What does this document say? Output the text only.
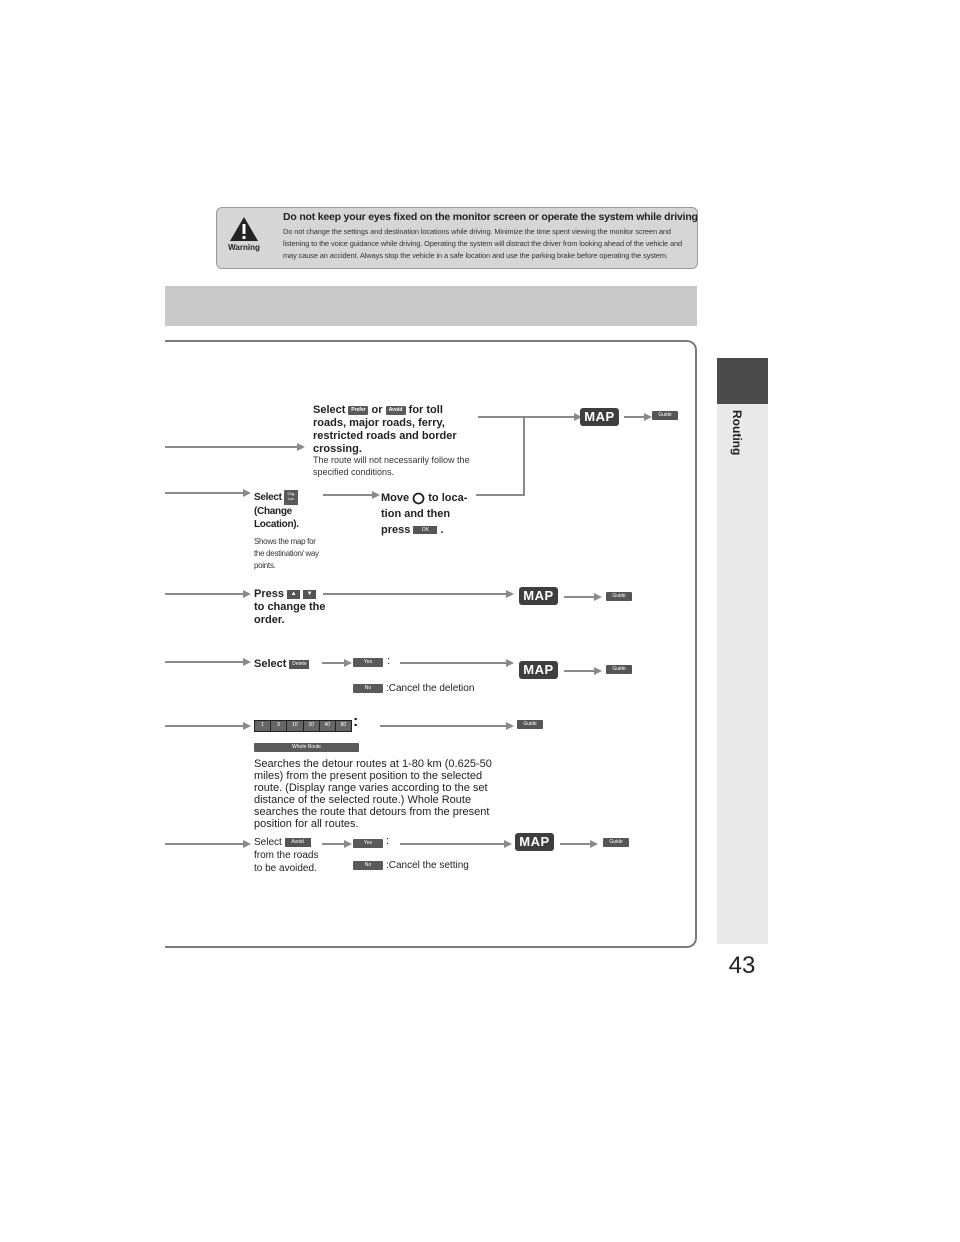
Warning
Do not keep your eyes fixed on the monitor screen or operate the system while driving
Do not change the settings and destination locations while driving. Minimize the time spent viewing the monitor screen and listening to the voice guidance while driving. Operating the system will distract the driver from looking ahead of the vehicle and may cause an accident. Always stop the vehicle in a safe location and use the parking brake before operating the system.
Routing
Select Prefer or Avoid for toll roads, major roads, ferry, restricted roads and border crossing.
The route will not necessarily follow the specified conditions.
MAP	Guide
Select Chg.
Loc.
(Change Location).
Shows the map for the destination/ way points.
Move to loca-
tion and then
press OK .
Press ▲ ▼
to change the
order.
MAP	Guide
Select Delete	Yes	:
MAP	Guide
No	:Cancel the deletion
1	5	10	20	40	80 :	Guide
Whole Route
Searches the detour routes at 1-80 km (0.625-50 miles) from the present position to the selected route. (Display range varies according to the set distance of the selected route.) Whole Route searches the route that detours from the present position for all routes.
Select Avoid
from the roads
to be avoided.
Yes	:	MAP	Guide
No	:Cancel the setting
43
